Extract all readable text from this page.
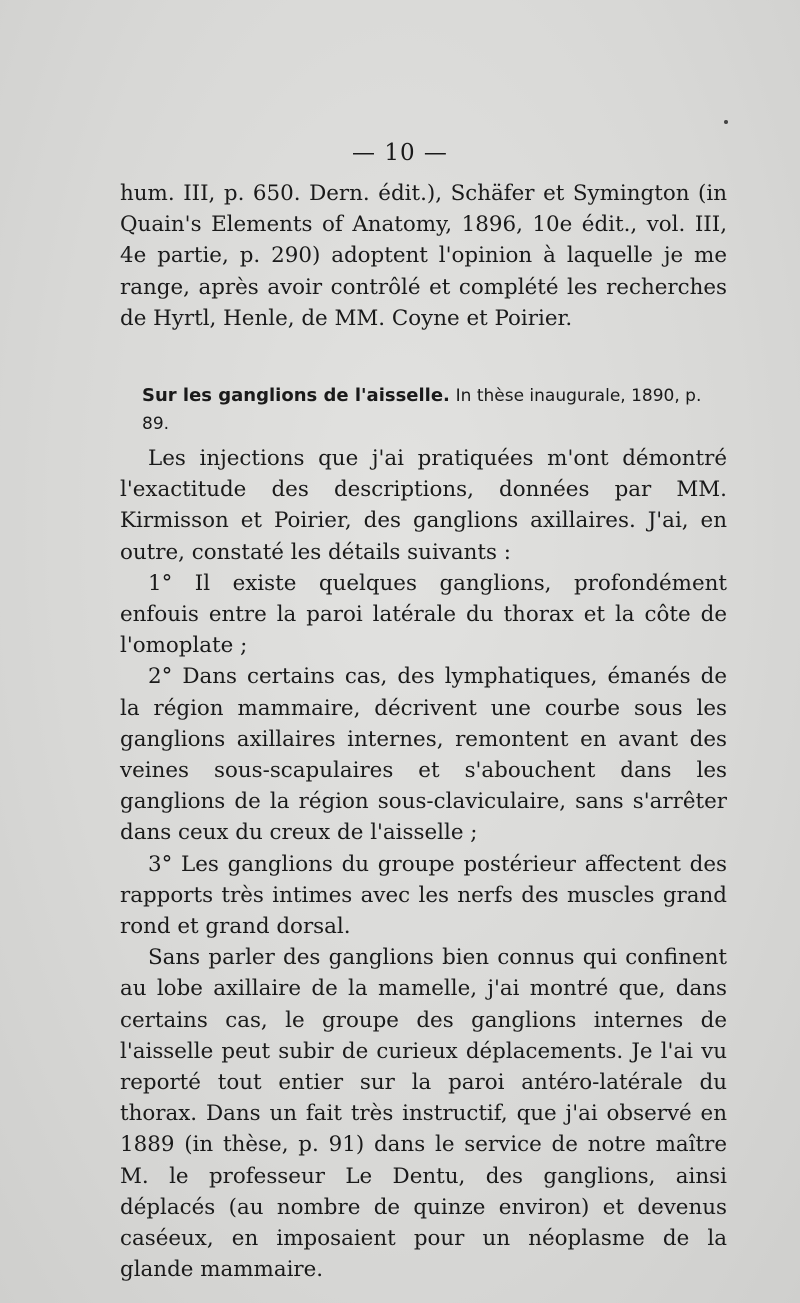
— 10 —
hum. III, p. 650. Dern. édit.), Schäfer et Symington (in Quain's Elements of Anatomy, 1896, 10e édit., vol. III, 4e partie, p. 290) adoptent l'opinion à laquelle je me range, après avoir contrôlé et complété les recherches de Hyrtl, Henle, de MM. Coyne et Poirier.
Sur les ganglions de l'aisselle. In thèse inaugurale, 1890, p. 89.

Les injections que j'ai pratiquées m'ont démontré l'exactitude des descriptions, données par MM. Kirmisson et Poirier, des ganglions axillaires. J'ai, en outre, constaté les détails suivants :

1° Il existe quelques ganglions, profondément enfouis entre la paroi latérale du thorax et la côte de l'omoplate ;

2° Dans certains cas, des lymphatiques, émanés de la région mammaire, décrivent une courbe sous les ganglions axillaires internes, remontent en avant des veines sous-scapulaires et s'abouchent dans les ganglions de la région sous-claviculaire, sans s'arrêter dans ceux du creux de l'aisselle ;

3° Les ganglions du groupe postérieur affectent des rapports très intimes avec les nerfs des muscles grand rond et grand dorsal.

Sans parler des ganglions bien connus qui confinent au lobe axillaire de la mamelle, j'ai montré que, dans certains cas, le groupe des ganglions internes de l'aisselle peut subir de curieux déplacements. Je l'ai vu reporté tout entier sur la paroi antéro-latérale du thorax. Dans un fait très instructif, que j'ai observé en 1889 (in thèse, p. 91) dans le service de notre maître M. le professeur Le Dentu, des ganglions, ainsi déplacés (au nombre de quinze environ) et devenus caséeux, en imposaient pour un néoplasme de la glande mammaire.
